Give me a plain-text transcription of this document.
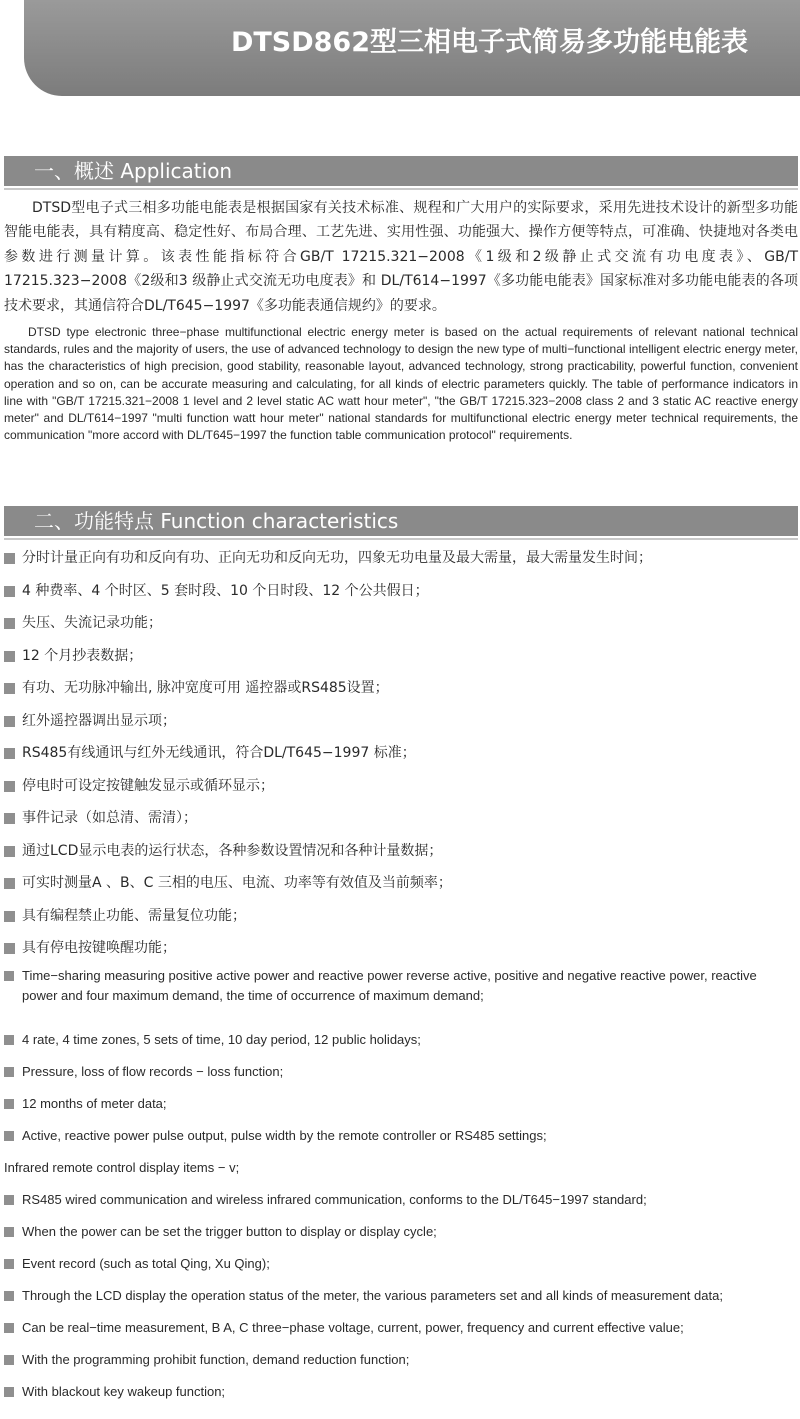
DTSD862型三相电子式简易多功能电能表
一、概述 Application

DTSD型电子式三相多功能电能表是根据国家有关技术标准、规程和广大用户的实际要求，采用先进技术设计的新型多功能智能电能表，具有精度高、稳定性好、布局合理、工艺先进、实用性强、功能强大、操作方便等特点，可准确、快捷地对各类电参数进行测量计算。该表性能指标符合GB/T 17215.321−2008《1级和2级静止式交流有功电度表》、GB/T 17215.323−2008《2级和3 级静止式交流无功电度表》和 DL/T614−1997《多功能电能表》国家标准对多功能电能表的各项技术要求，其通信符合DL/T645−1997《多功能表通信规约》的要求。

DTSD type electronic three−phase multifunctional electric energy meter is based on the actual requirements of relevant national technical standards, rules and the majority of users, the use of advanced technology to design the new type of multi−functional intelligent electric energy meter, has the characteristics of high precision, good stability, reasonable layout, advanced technology, strong practicability, powerful function, convenient operation and so on, can be accurate measuring and calculating, for all kinds of electric parameters quickly. The table of performance indicators in line with "GB/T 17215.321−2008 1 level and 2 level static AC watt hour meter", "the GB/T 17215.323−2008 class 2 and 3 static AC reactive energy meter" and DL/T614−1997 "multi function watt hour meter" national standards for multifunctional electric energy meter technical requirements, the communication "more accord with DL/T645−1997 the function table communication protocol" requirements.

二、功能特点 Function characteristics
分时计量正向有功和反向有功、正向无功和反向无功，四象无功电量及最大需量，最大需量发生时间；
4 种费率、4 个时区、5 套时段、10 个日时段、12 个公共假日；
失压、失流记录功能；
12 个月抄表数据；
有功、无功脉冲输出, 脉冲宽度可用 遥控器或RS485设置；
红外遥控器调出显示项；
RS485有线通讯与红外无线通讯，符合DL/T645−1997 标准；
停电时可设定按键触发显示或循环显示；
事件记录（如总清、需清）；
通过LCD显示电表的运行状态，各种参数设置情况和各种计量数据；
可实时测量A 、B、C 三相的电压、电流、功率等有效值及当前频率；
具有编程禁止功能、需量复位功能；
具有停电按键唤醒功能；
Time−sharing measuring positive active power and reactive power reverse active, positive and negative reactive power, reactive power and four maximum demand, the time of occurrence of maximum demand;
4 rate, 4 time zones, 5 sets of time, 10 day period, 12 public holidays;
Pressure, loss of flow records − loss function;
12 months of meter data;
Active, reactive power pulse output, pulse width by the remote controller or RS485 settings;
Infrared remote control display items − v;
RS485 wired communication and wireless infrared communication, conforms to the DL/T645−1997 standard;
When the power can be set the trigger button to display or display cycle;
Event record (such as total Qing, Xu Qing);
Through the LCD display the operation status of the meter, the various parameters set and all kinds of measurement data;
Can be real−time measurement, B A, C three−phase voltage, current, power, frequency and current effective value;
With the programming prohibit function, demand reduction function;
With blackout key wakeup function;
